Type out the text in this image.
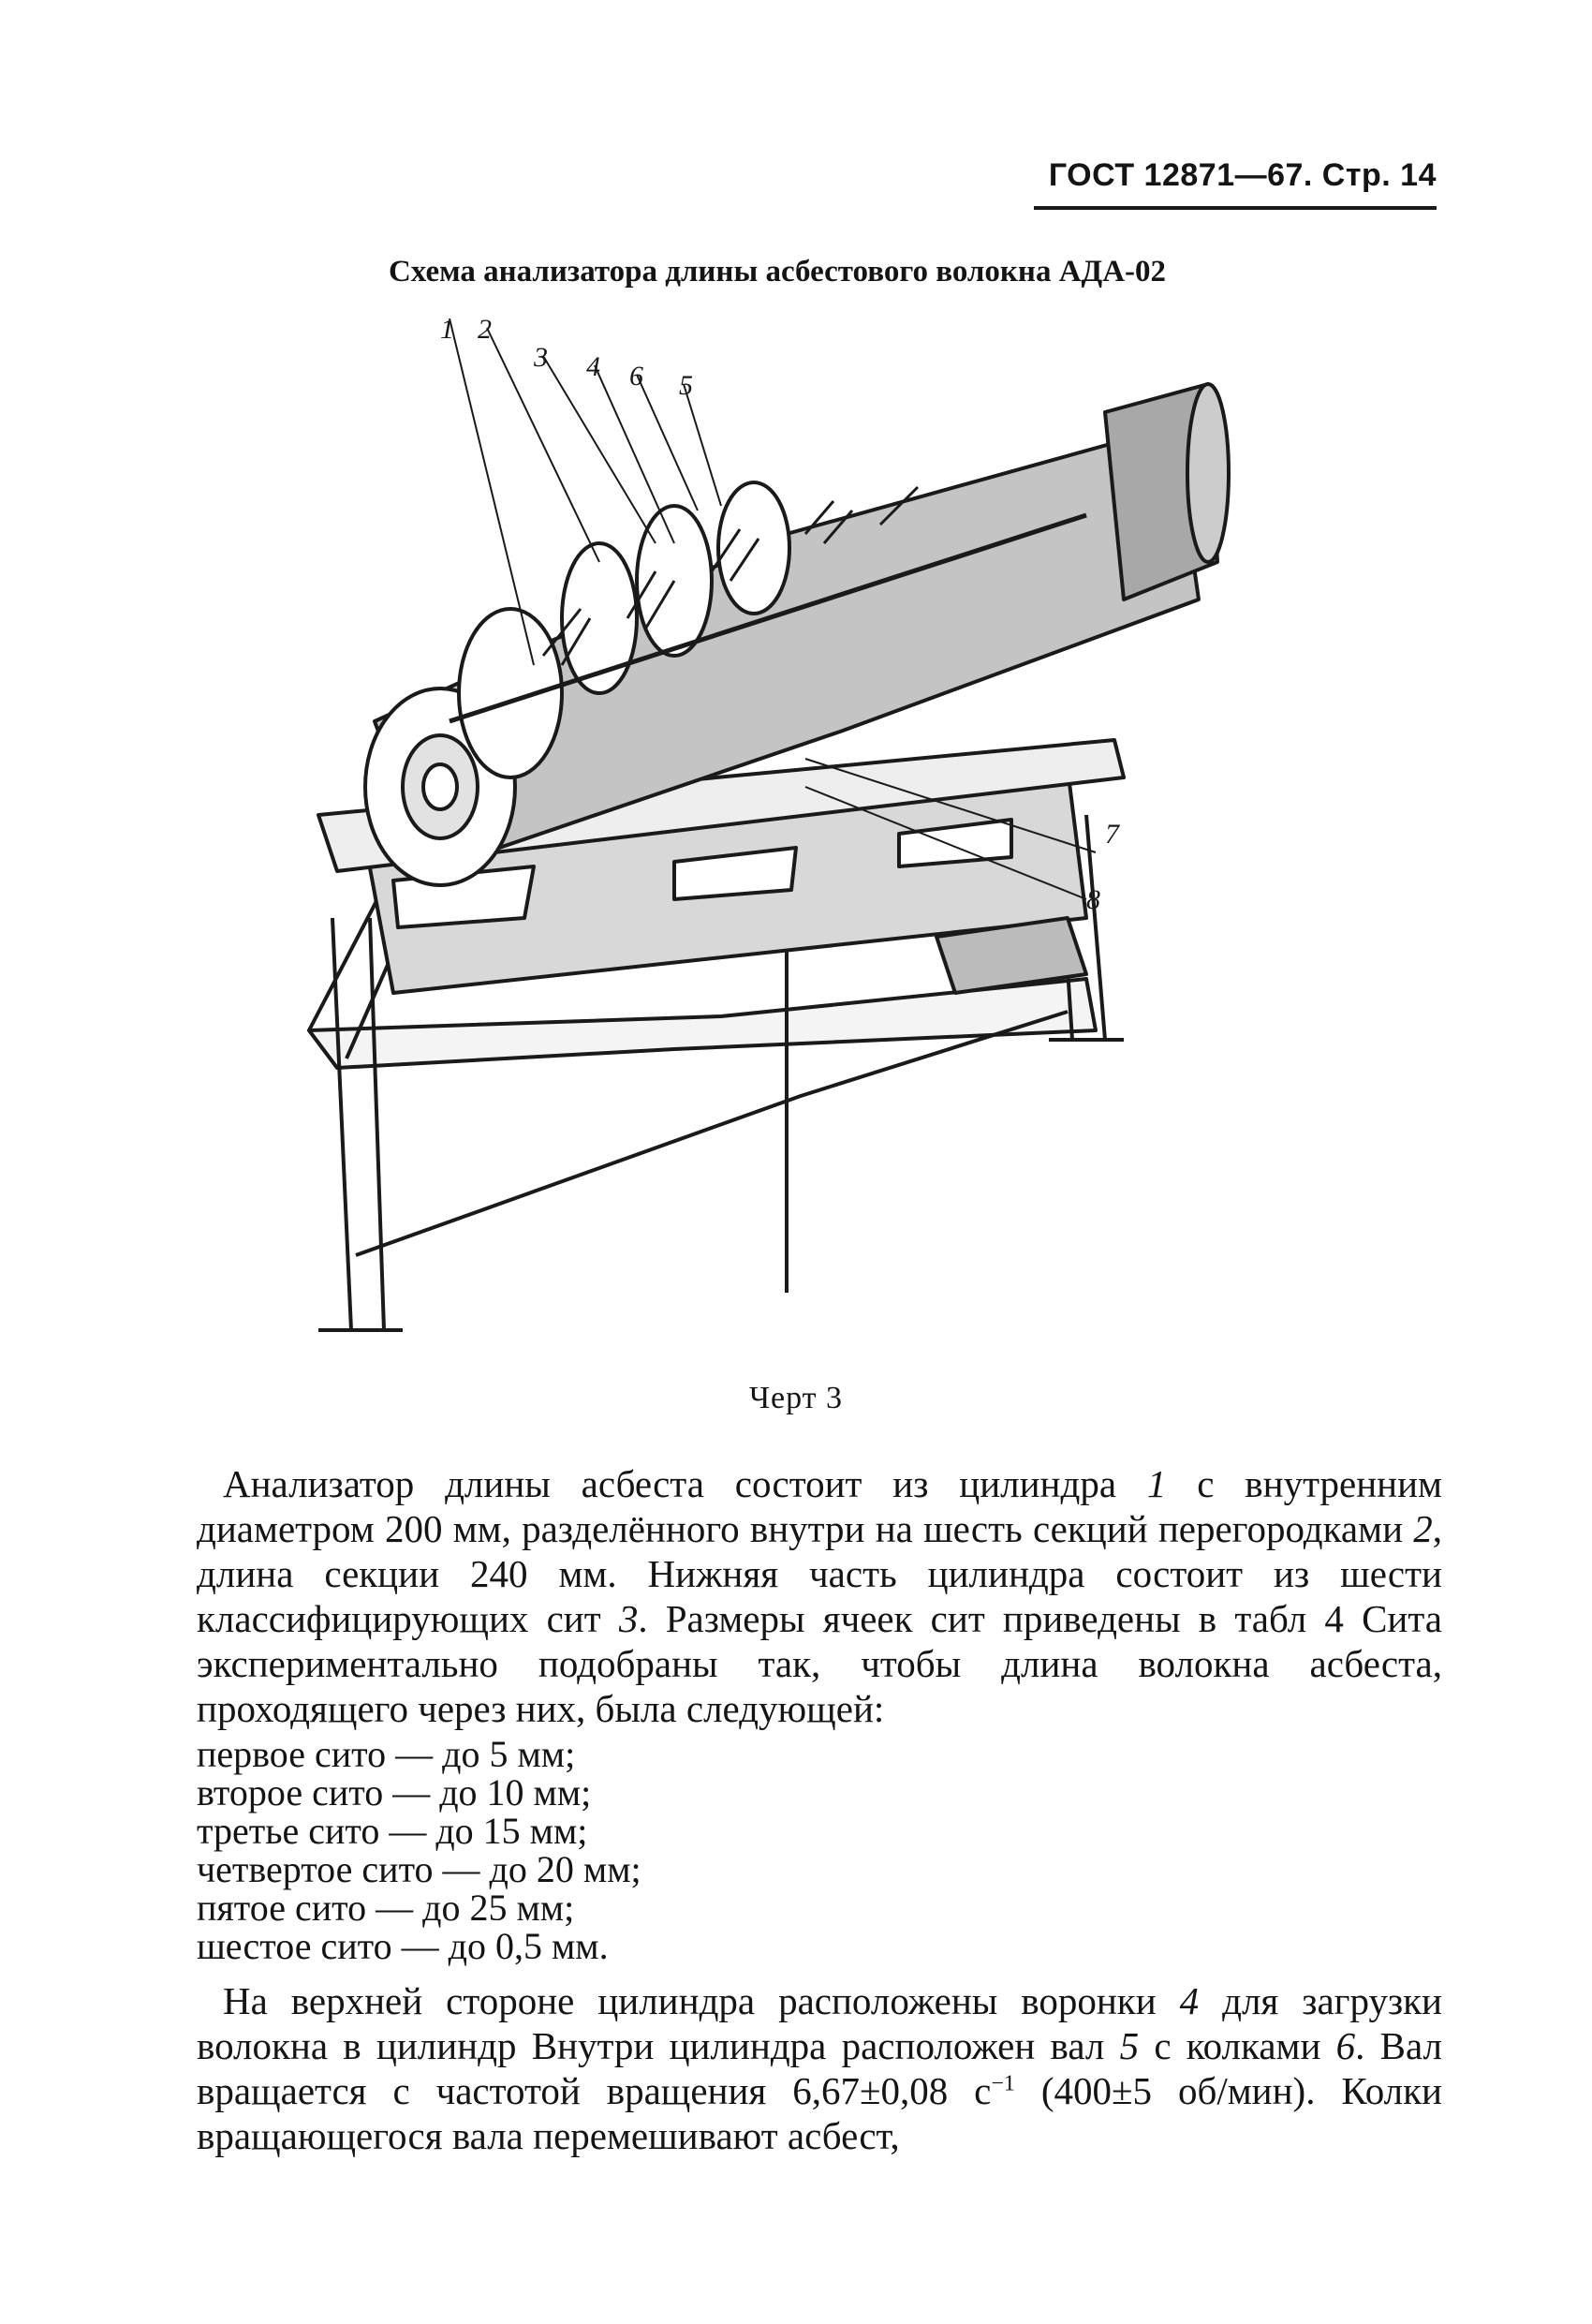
ГОСТ 12871—67. Стр. 14
Схема анализатора длины асбестового волокна АДА-02
1 2
3 4 6 5
7
8
Черт 3

Анализатор длины асбеста состоит из цилиндра 1 с внутренним диаметром 200 мм, разделённого внутри на шесть секций перегородками 2, длина секции 240 мм. Нижняя часть цилиндра состоит из шести классифицирующих сит 3. Размеры ячеек сит приведены в табл 4 Сита экспериментально подобраны так, чтобы длина волокна асбеста, проходящего через них, была следующей:

первое сито — до 5 мм;
второе сито — до 10 мм;
третье сито — до 15 мм;
четвертое сито — до 20 мм;
пятое сито — до 25 мм;
шестое сито — до 0,5 мм.

На верхней стороне цилиндра расположены воронки 4 для загрузки волокна в цилиндр Внутри цилиндра расположен вал 5 с колками 6. Вал вращается с частотой вращения 6,67±0,08 $с^{-1}$ (400±5 об/мин). Колки вращающегося вала перемешивают асбест,
